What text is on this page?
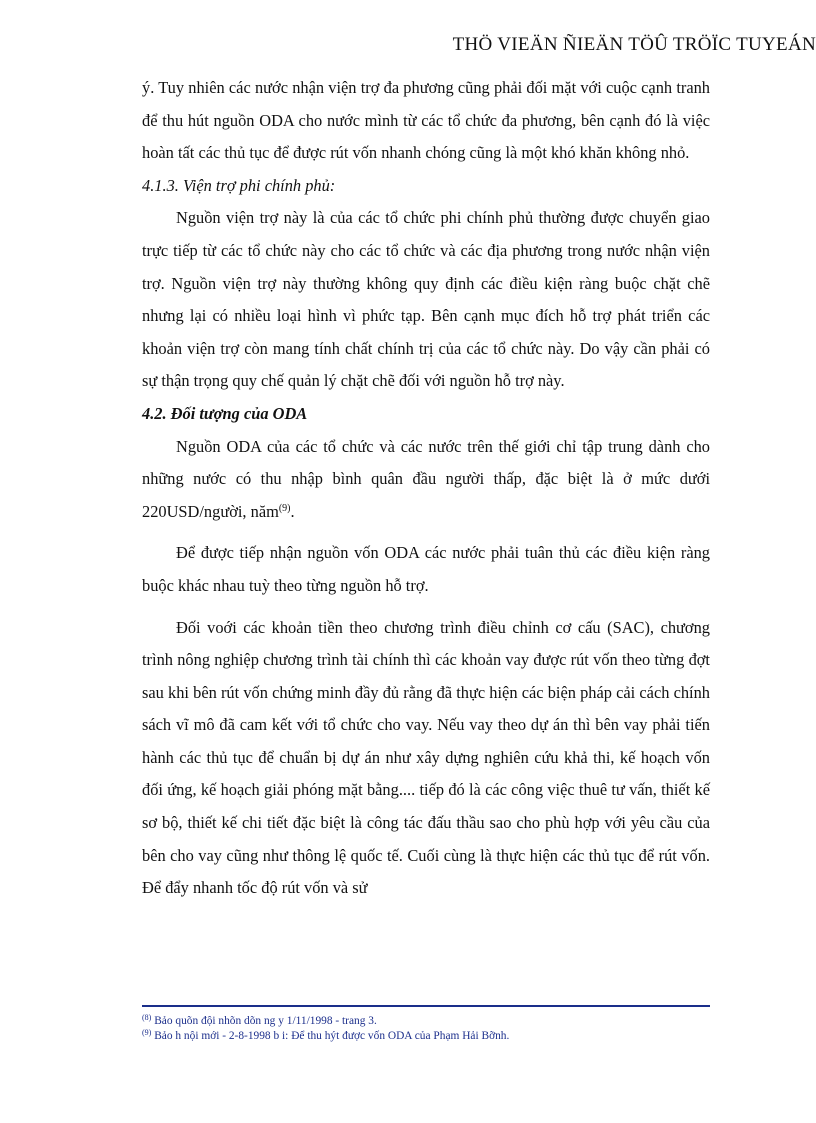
THÖ VIEÄN ÑIEÄN TÖÛ TRÖÏC TUYEÁN

ý. Tuy nhiên các nước nhận viện trợ đa phương cũng phải đối mặt với cuộc cạnh tranh để thu hút nguồn ODA cho nước mình từ các tổ chức đa phương, bên cạnh đó là việc hoàn tất các thủ tục để được rút vốn nhanh chóng cũng là một khó khăn không nhỏ.

4.1.3. Viện trợ phi chính phủ:

Nguồn viện trợ này là của các tổ chức phi chính phủ thường được chuyển giao trực tiếp từ các tổ chức này cho các tổ chức và các địa phương trong nước nhận viện trợ. Nguồn viện trợ này thường không quy định các điều kiện ràng buộc chặt chẽ nhưng lại có nhiều loại hình vì phức tạp. Bên cạnh mục đích hỗ trợ phát triển các khoản viện trợ còn mang tính chất chính trị của các tổ chức này. Do vậy cần phải có sự thận trọng quy chế quản lý chặt chẽ đối với nguồn hỗ trợ này.

4.2. Đối tượng của ODA

Nguồn ODA của các tổ chức và các nước trên thế giới chỉ tập trung dành cho những nước có thu nhập bình quân đầu người thấp, đặc biệt là ở mức dưới 220USD/người, năm$^{(9)}$.

Để được tiếp nhận nguồn vốn ODA các nước phải tuân thủ các điều kiện ràng buộc khác nhau tuỳ theo từng nguồn hỗ trợ.

Đối voới các khoản tiền theo chương trình điều chỉnh cơ cấu (SAC), chương trình nông nghiệp chương trình tài chính thì các khoản vay được rút vốn theo từng đợt sau khi bên rút vốn chứng minh đầy đủ rằng đã thực hiện các biện pháp cải cách chính sách vĩ mô đã cam kết với tổ chức cho vay. Nếu vay theo dự án thì bên vay phải tiến hành các thủ tục để chuẩn bị dự án như xây dựng nghiên cứu khả thi, kế hoạch vốn đối ứng, kế hoạch giải phóng mặt bằng.... tiếp đó là các công việc thuê tư vấn, thiết kế sơ bộ, thiết kế chi tiết đặc biệt là công tác đấu thầu sao cho phù hợp với yêu cầu của bên cho vay cũng như thông lệ quốc tế. Cuối cùng là thực hiện các thủ tục để rút vốn. Để đẩy nhanh tốc độ rút vốn và sử

$^{(8)}$ Bảo quõn đội nhõn dõn ng y 1/11/1998 - trang 3.
$^{(9)}$ Bảo h nội mới - 2-8-1998 b i: Để thu hýt được vốn ODA của Phạm Hải Bỡnh.
